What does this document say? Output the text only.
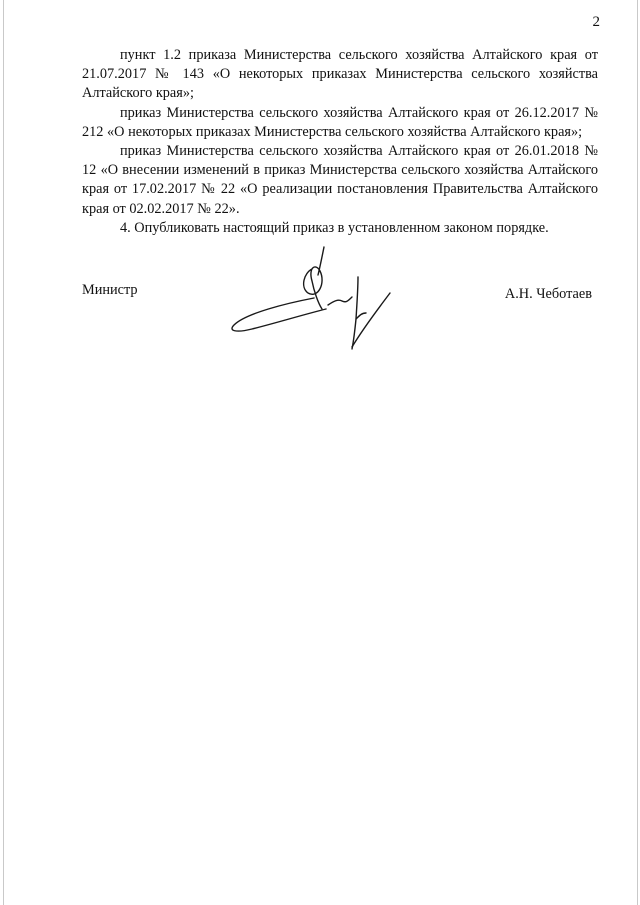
2

пункт 1.2 приказа Министерства сельского хозяйства Алтайского края от 21.07.2017 № 143 «О некоторых приказах Министерства сельского хозяйства Алтайского края»;

приказ Министерства сельского хозяйства Алтайского края от 26.12.2017 № 212 «О некоторых приказах Министерства сельского хозяйства Алтайского края»;

приказ Министерства сельского хозяйства Алтайского края от 26.01.2018 № 12 «О внесении изменений в приказ Министерства сельского хозяйства Алтайского края от 17.02.2017 № 22 «О реализации постановления Правительства Алтайского края от 02.02.2017 № 22».

4. Опубликовать настоящий приказ в установленном законом порядке.

Министр	А.Н. Чеботаев
